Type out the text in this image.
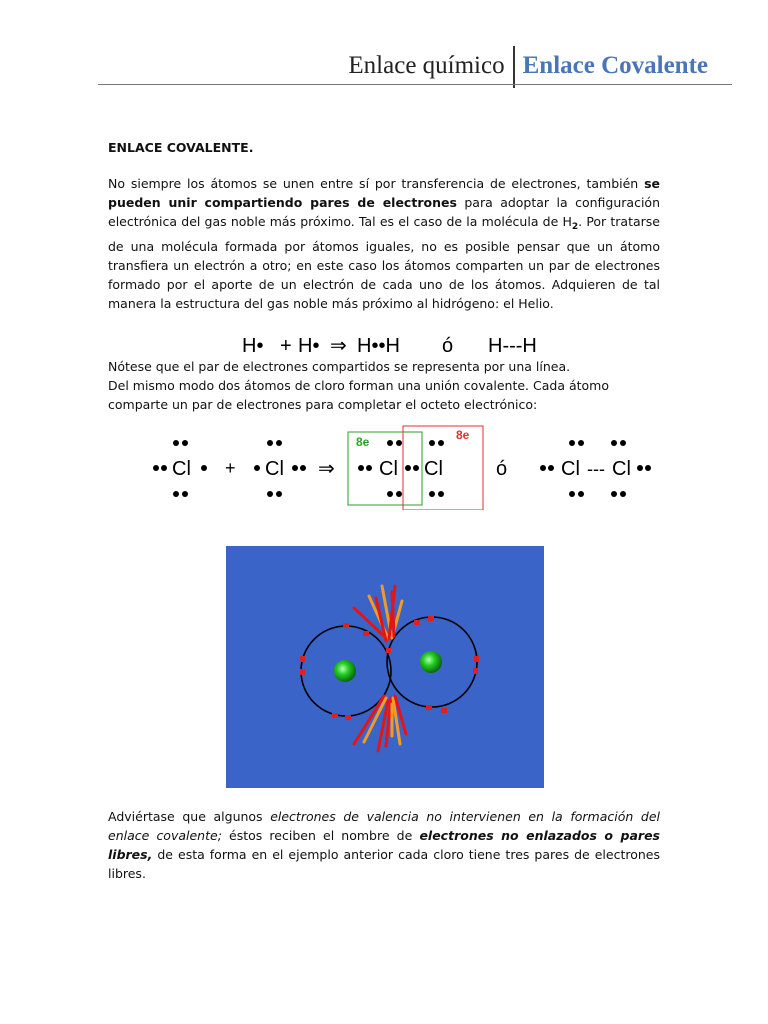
Enlace químico Enlace Covalente
ENLACE COVALENTE.
No siempre los átomos se unen entre sí por transferencia de electrones, también se pueden unir compartiendo pares de electrones para adoptar la configuración electrónica del gas noble más próximo. Tal es el caso de la molécula de $H_2$. Por tratarse de una molécula formada por átomos iguales, no es posible pensar que un átomo transfiera un electrón a otro; en este caso los átomos comparten un par de electrones formado por el aporte de un electrón de cada uno de los átomos. Adquieren de tal manera la estructura del gas noble más próximo al hidrógeno: el Helio.
H• + H• ⇒ H••H ó H---H
Nótese que el par de electrones compartidos se representa por una línea.
Del mismo modo dos átomos de cloro forman una unión covalente. Cada átomo comparte un par de electrones para completar el octeto electrónico:
Cl + Cl ⇒
8e	8e
Cl Cl	ó	Cl --- Cl
Adviértase que algunos electrones de valencia no intervienen en la formación del enlace covalente; éstos reciben el nombre de electrones no enlazados o pares libres, de esta forma en el ejemplo anterior cada cloro tiene tres pares de electrones libres.
